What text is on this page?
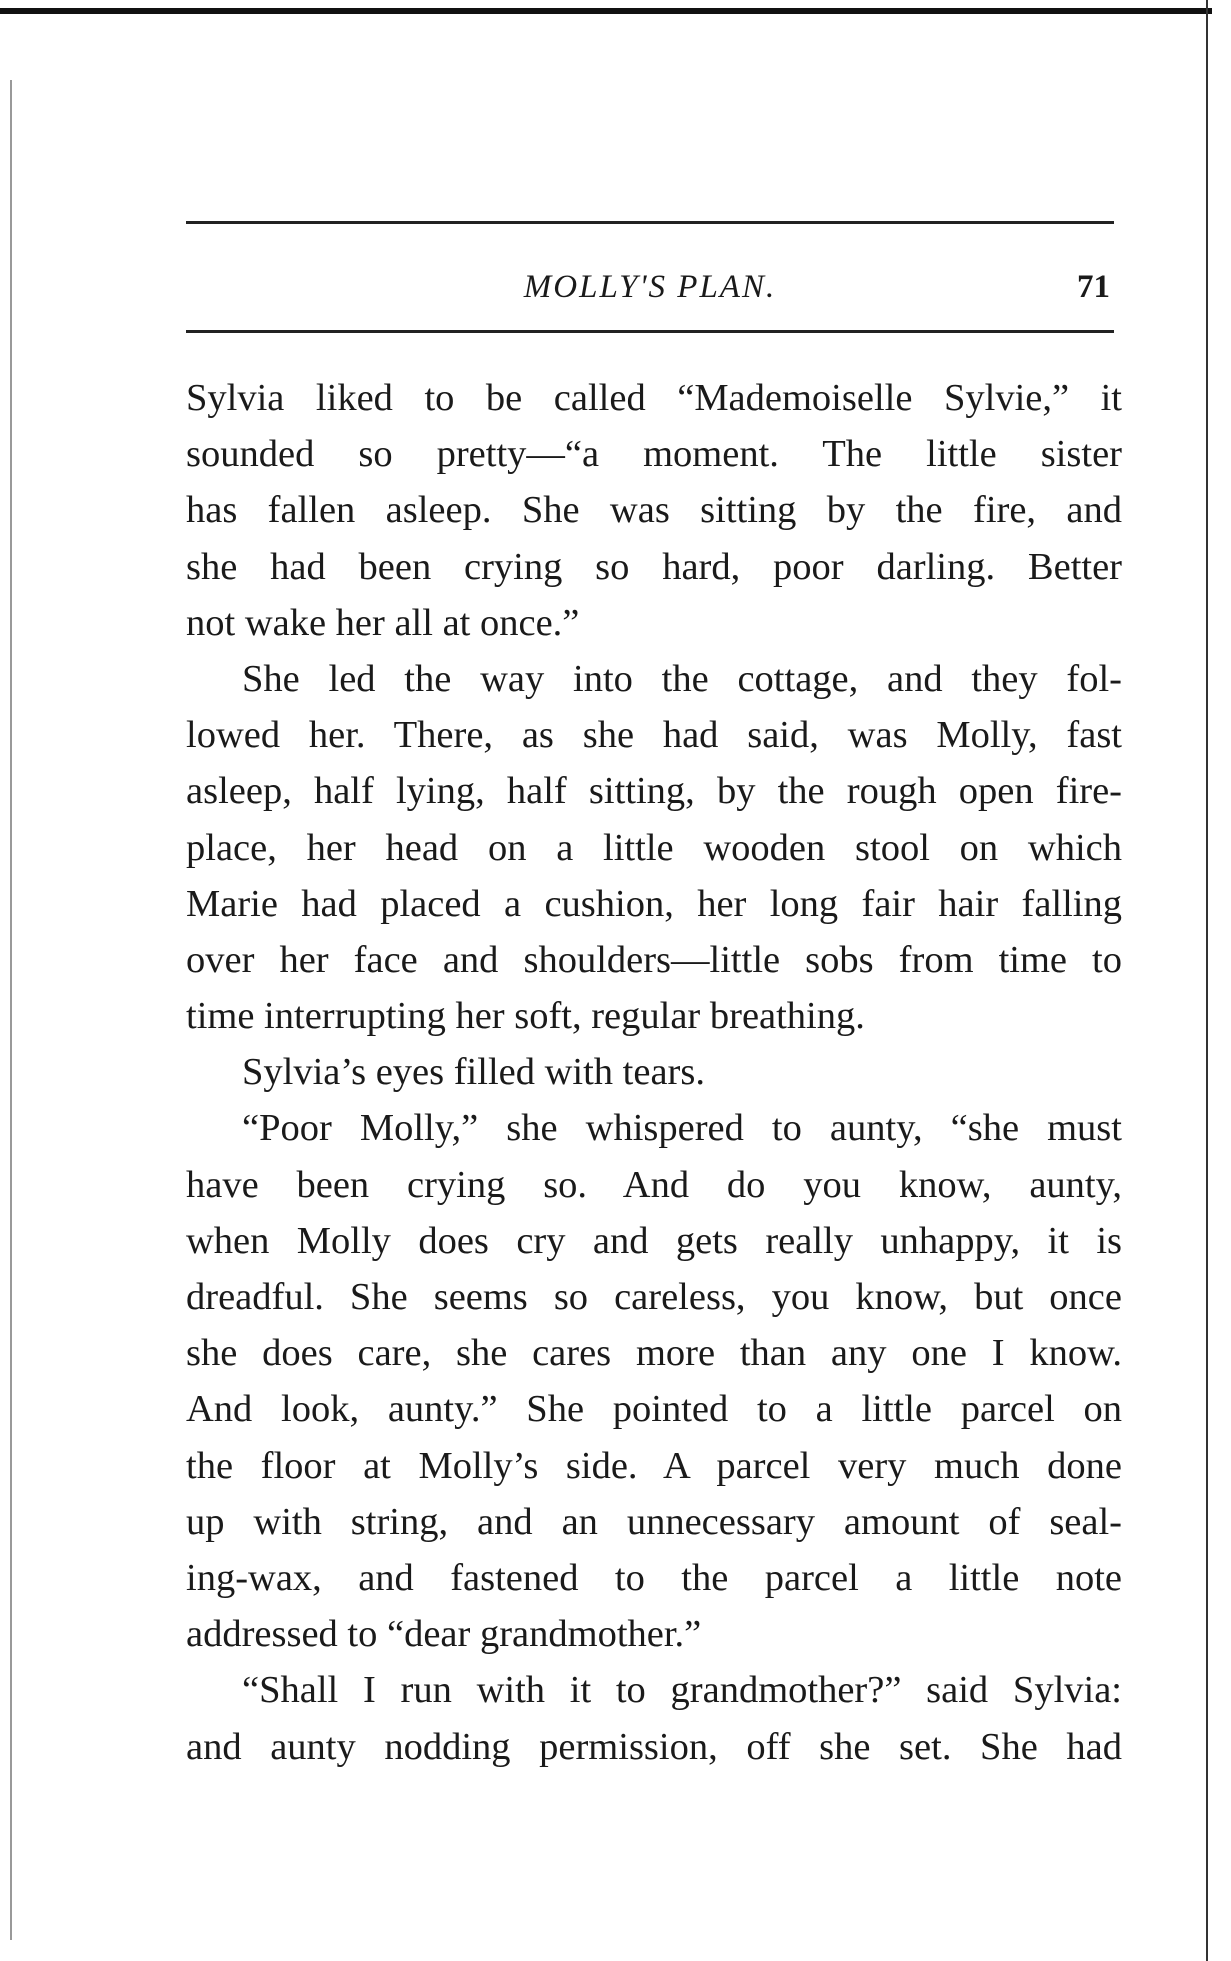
MOLLY'S PLAN.	71
Sylvia liked to be called “Mademoiselle Sylvie,” it
sounded so pretty—“a moment. The little sister
has fallen asleep. She was sitting by the fire, and
she had been crying so hard, poor darling. Better
not wake her all at once.”
She led the way into the cottage, and they fol-
lowed her. There, as she had said, was Molly, fast
asleep, half lying, half sitting, by the rough open fire-
place, her head on a little wooden stool on which
Marie had placed a cushion, her long fair hair falling
over her face and shoulders—little sobs from time to
time interrupting her soft, regular breathing.
Sylvia’s eyes filled with tears.
“Poor Molly,” she whispered to aunty, “she must
have been crying so. And do you know, aunty,
when Molly does cry and gets really unhappy, it is
dreadful. She seems so careless, you know, but once
she does care, she cares more than any one I know.
And look, aunty.” She pointed to a little parcel on
the floor at Molly’s side. A parcel very much done
up with string, and an unnecessary amount of seal-
ing-wax, and fastened to the parcel a little note
addressed to “dear grandmother.”
“Shall I run with it to grandmother?” said Sylvia:
and aunty nodding permission, off she set. She had
